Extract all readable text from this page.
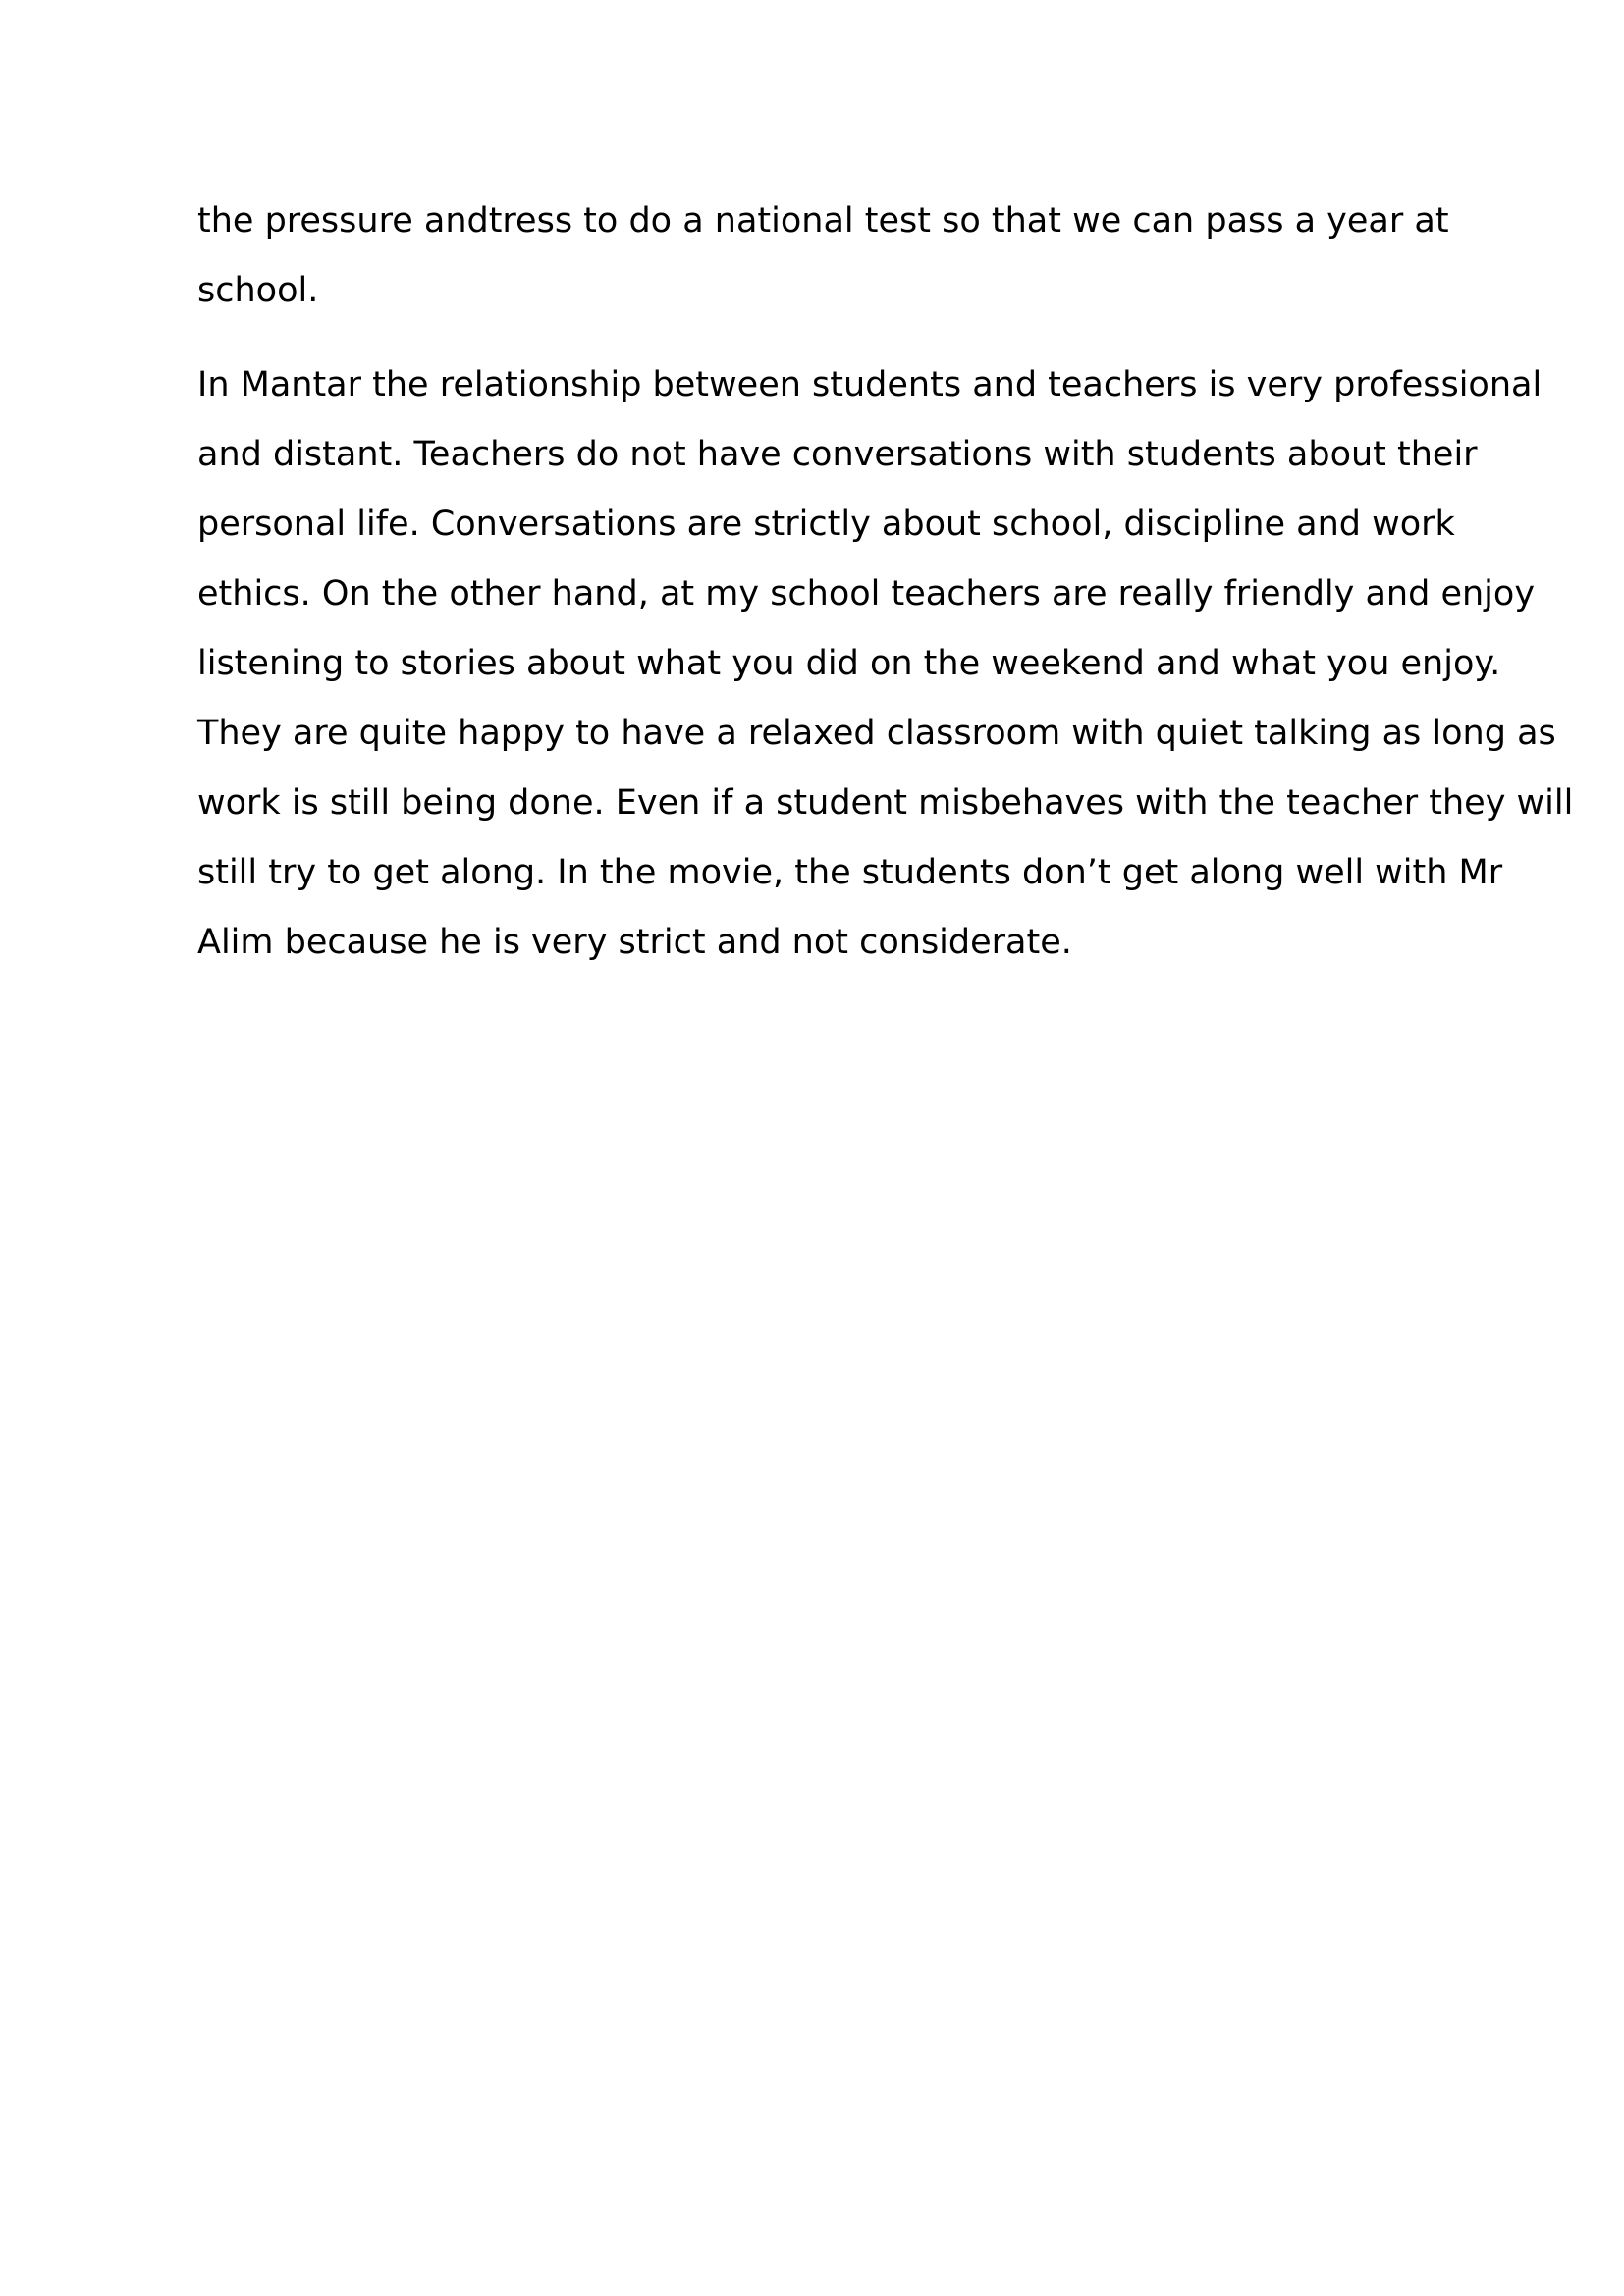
the pressure andtress to do a national test so that we can pass a year at
school.
In Mantar the relationship between students and teachers is very professional
and distant. Teachers do not have conversations with students about their
personal life. Conversations are strictly about school, discipline and work
ethics. On the other hand, at my school teachers are really friendly and enjoy
listening to stories about what you did on the weekend and what you enjoy.
They are quite happy to have a relaxed classroom with quiet talking as long as
work is still being done. Even if a student misbehaves with the teacher they will
still try to get along. In the movie, the students don’t get along well with Mr
Alim because he is very strict and not considerate.
